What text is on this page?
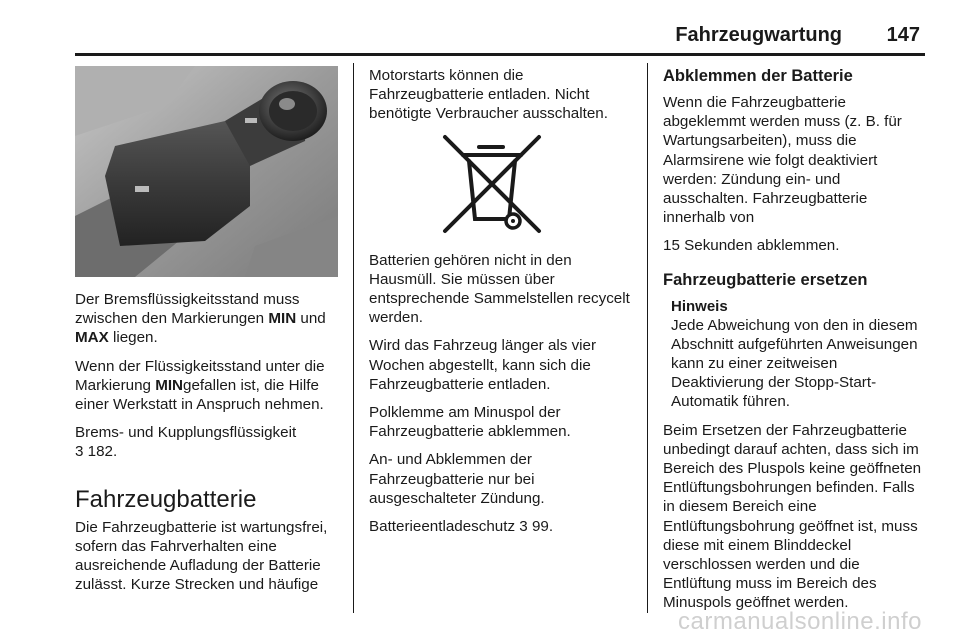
Fahrzeugwartung 147

Der Bremsflüssigkeitsstand muss zwischen den Markierungen MIN und MAX liegen.

Wenn der Flüssigkeitsstand unter die Markierung MINgefallen ist, die Hilfe einer Werkstatt in Anspruch nehmen.

Brems- und Kupplungsflüssigkeit
3 182.

Fahrzeugbatterie

Die Fahrzeugbatterie ist wartungsfrei, sofern das Fahrverhalten eine ausreichende Aufladung der Batterie zulässt. Kurze Strecken und häufige

Motorstarts können die Fahrzeugbatterie entladen. Nicht benötigte Verbraucher ausschalten.

Batterien gehören nicht in den Hausmüll. Sie müssen über entsprechende Sammelstellen recycelt werden.

Wird das Fahrzeug länger als vier Wochen abgestellt, kann sich die Fahrzeugbatterie entladen.

Polklemme am Minuspol der Fahrzeugbatterie abklemmen.

An- und Abklemmen der Fahrzeugbatterie nur bei ausgeschalteter Zündung.

Batterieentladeschutz 3 99.

Abklemmen der Batterie

Wenn die Fahrzeugbatterie abgeklemmt werden muss (z. B. für Wartungsarbeiten), muss die Alarmsirene wie folgt deaktiviert werden: Zündung ein- und ausschalten. Fahrzeugbatterie innerhalb von

15 Sekunden abklemmen.

Fahrzeugbatterie ersetzen
Hinweis
Jede Abweichung von den in diesem Abschnitt aufgeführten Anweisungen kann zu einer zeitweisen Deaktivierung der Stopp-Start-Automatik führen.

Beim Ersetzen der Fahrzeugbatterie unbedingt darauf achten, dass sich im Bereich des Pluspols keine geöffneten Entlüftungsbohrungen befinden. Falls in diesem Bereich eine Entlüftungsbohrung geöffnet ist, muss diese mit einem Blinddeckel verschlossen werden und die Entlüftung muss im Bereich des Minuspols geöffnet werden.

carmanualsonline.info
